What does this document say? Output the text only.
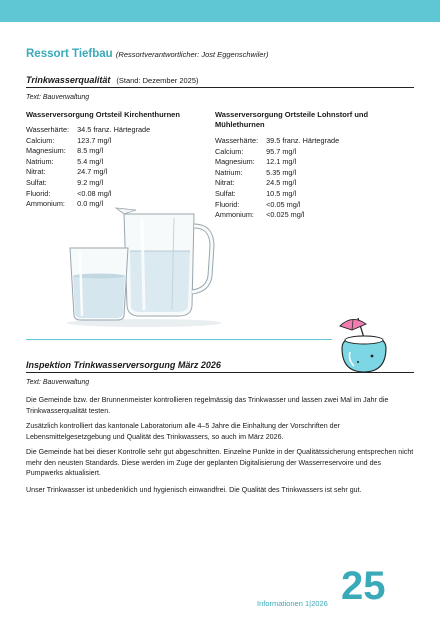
Ressort Tiefbau (Ressortverantwortlicher: Jost Eggenschwiler)
Trinkwasserqualität (Stand: Dezember 2025)
Text: Bauverwaltung
Wasserversorgung Ortsteil Kirchenthurnen
Wasserhärte:	34.5 franz. Härtegrade
Calcium:	123.7 mg/l
Magnesium:	8.5 mg/l
Natrium:	5.4 mg/l
Nitrat:	24.7 mg/l
Sulfat:	9.2 mg/l
Fluorid:	<0.08 mg/l
Ammonium:	0.0 mg/l
Wasserversorgung Ortsteile Lohnstorf und
Mühlethurnen
Wasserhärte:	39.5 franz. Härtegrade
Calcium:	95.7 mg/l
Magnesium:	12.1 mg/l
Natrium:	5.35 mg/l
Nitrat:	24.5 mg/l
Sulfat:	10.5 mg/l
Fluorid:	<0.05 mg/l
Ammonium:	<0.025 mg/l
Inspektion Trinkwasserversorgung März 2026
Text: Bauverwaltung

Die Gemeinde bzw. der Brunnenmeister kontrollieren regelmässig das Trinkwasser und lassen zwei Mal im Jahr die Trinkwasserqualität testen.

Zusätzlich kontrolliert das kantonale Laboratorium alle 4–5 Jahre die Einhaltung der Vorschriften der Lebensmittelgesetzgebung und Qualität des Trinkwassers, so auch im März 2026.

Die Gemeinde hat bei dieser Kontrolle sehr gut abgeschnitten. Einzelne Punkte in der Qualitätssicherung entsprechen nicht mehr den neusten Standards. Diese werden im Zuge der geplanten Digitalisierung der Wasserreservoire und des Pumpwerks aktualisiert.

Unser Trinkwasser ist unbedenklich und hygienisch einwandfrei. Die Qualität des Trinkwassers ist sehr gut.

Informationen 1|2026 25
